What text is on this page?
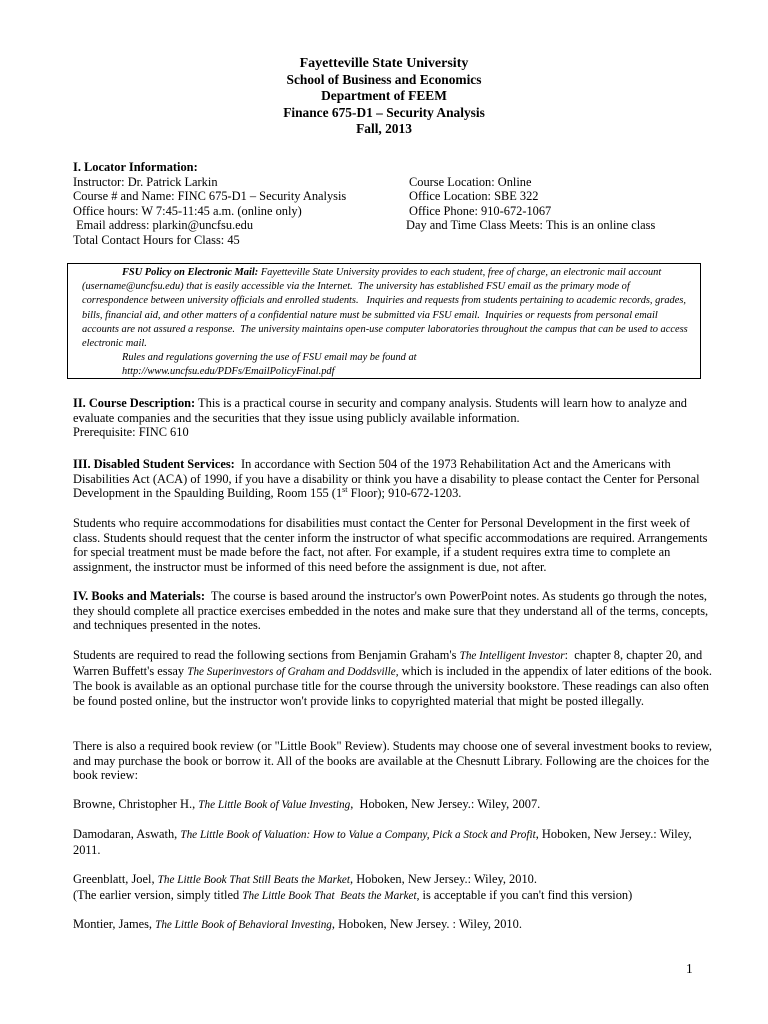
Fayetteville State University
School of Business and Economics
Department of FEEM
Finance 675-D1 – Security Analysis
Fall, 2013
I. Locator Information:
Instructor: Dr. Patrick Larkin	Course Location: Online
Course # and Name: FINC 675-D1 – Security Analysis	Office Location: SBE 322
Office hours: W 7:45-11:45 a.m. (online only)	Office Phone: 910-672-1067
Email address: plarkin@uncfsu.edu	Day and Time Class Meets: This is an online class
Total Contact Hours for Class: 45
FSU Policy on Electronic Mail: Fayetteville State University provides to each student, free of charge, an electronic mail account (username@uncfsu.edu) that is easily accessible via the Internet.  The university has established FSU email as the primary mode of correspondence between university officials and enrolled students.   Inquiries and requests from students pertaining to academic records, grades, bills, financial aid, and other matters of a confidential nature must be submitted via FSU email.  Inquiries or requests from personal email accounts are not assured a response.  The university maintains open-use computer laboratories throughout the campus that can be used to access electronic mail.
Rules and regulations governing the use of FSU email may be found at
http://www.uncfsu.edu/PDFs/EmailPolicyFinal.pdf

II. Course Description: This is a practical course in security and company analysis. Students will learn how to analyze and evaluate companies and the securities that they issue using publicly available information.

Prerequisite: FINC 610

III. Disabled Student Services:  In accordance with Section 504 of the 1973 Rehabilitation Act and the Americans with Disabilities Act (ACA) of 1990, if you have a disability or think you have a disability to please contact the Center for Personal Development in the Spaulding Building, Room 155 (1st Floor); 910-672-1203.

Students who require accommodations for disabilities must contact the Center for Personal Development in the first week of class. Students should request that the center inform the instructor of what specific accommodations are required. Arrangements for special treatment must be made before the fact, not after. For example, if a student requires extra time to complete an assignment, the instructor must be informed of this need before the assignment is due, not after.

IV. Books and Materials:  The course is based around the instructor's own PowerPoint notes. As students go through the notes, they should complete all practice exercises embedded in the notes and make sure that they understand all of the terms, concepts, and techniques presented in the notes.

Students are required to read the following sections from Benjamin Graham's The Intelligent Investor:  chapter 8, chapter 20, and Warren Buffett's essay The Superinvestors of Graham and Doddsville, which is included in the appendix of later editions of the book. The book is available as an optional purchase title for the course through the university bookstore. These readings can also often be found posted online, but the instructor won't provide links to copyrighted material that might be posted illegally.

There is also a required book review (or "Little Book" Review). Students may choose one of several investment books to review, and may purchase the book or borrow it. All of the books are available at the Chesnutt Library. Following are the choices for the book review:

Browne, Christopher H., The Little Book of Value Investing,  Hoboken, New Jersey.: Wiley, 2007.

Damodaran, Aswath, The Little Book of Valuation: How to Value a Company, Pick a Stock and Profit, Hoboken, New Jersey.: Wiley, 2011.

Greenblatt, Joel, The Little Book That Still Beats the Market, Hoboken, New Jersey.: Wiley, 2010.

(The earlier version, simply titled The Little Book That  Beats the Market, is acceptable if you can't find this version)

Montier, James, The Little Book of Behavioral Investing, Hoboken, New Jersey. : Wiley, 2010.

1
